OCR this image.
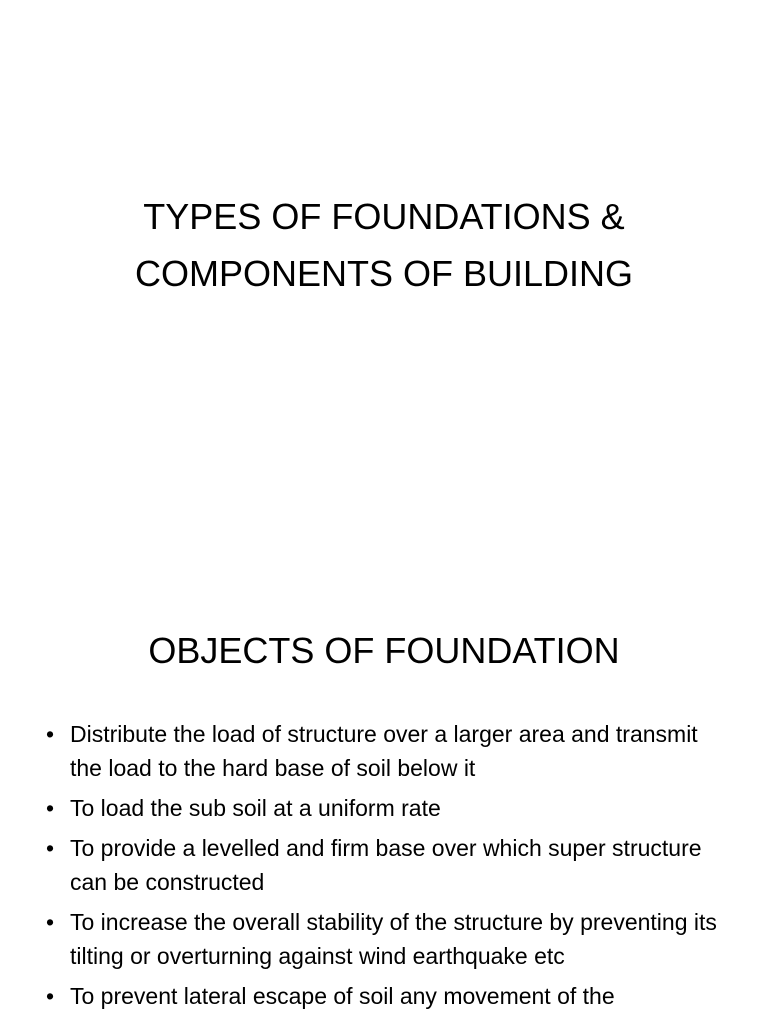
TYPES OF FOUNDATIONS &
COMPONENTS OF BUILDING
OBJECTS OF FOUNDATION
• Distribute the load of structure over a larger area and transmit the load to the hard base of soil below it
• To load the sub soil at a uniform rate
• To provide a levelled and firm base over which super structure can be constructed
• To increase the overall stability of the structure by preventing its tilting or overturning against wind earthquake etc
• To prevent lateral escape of soil any movement of the
